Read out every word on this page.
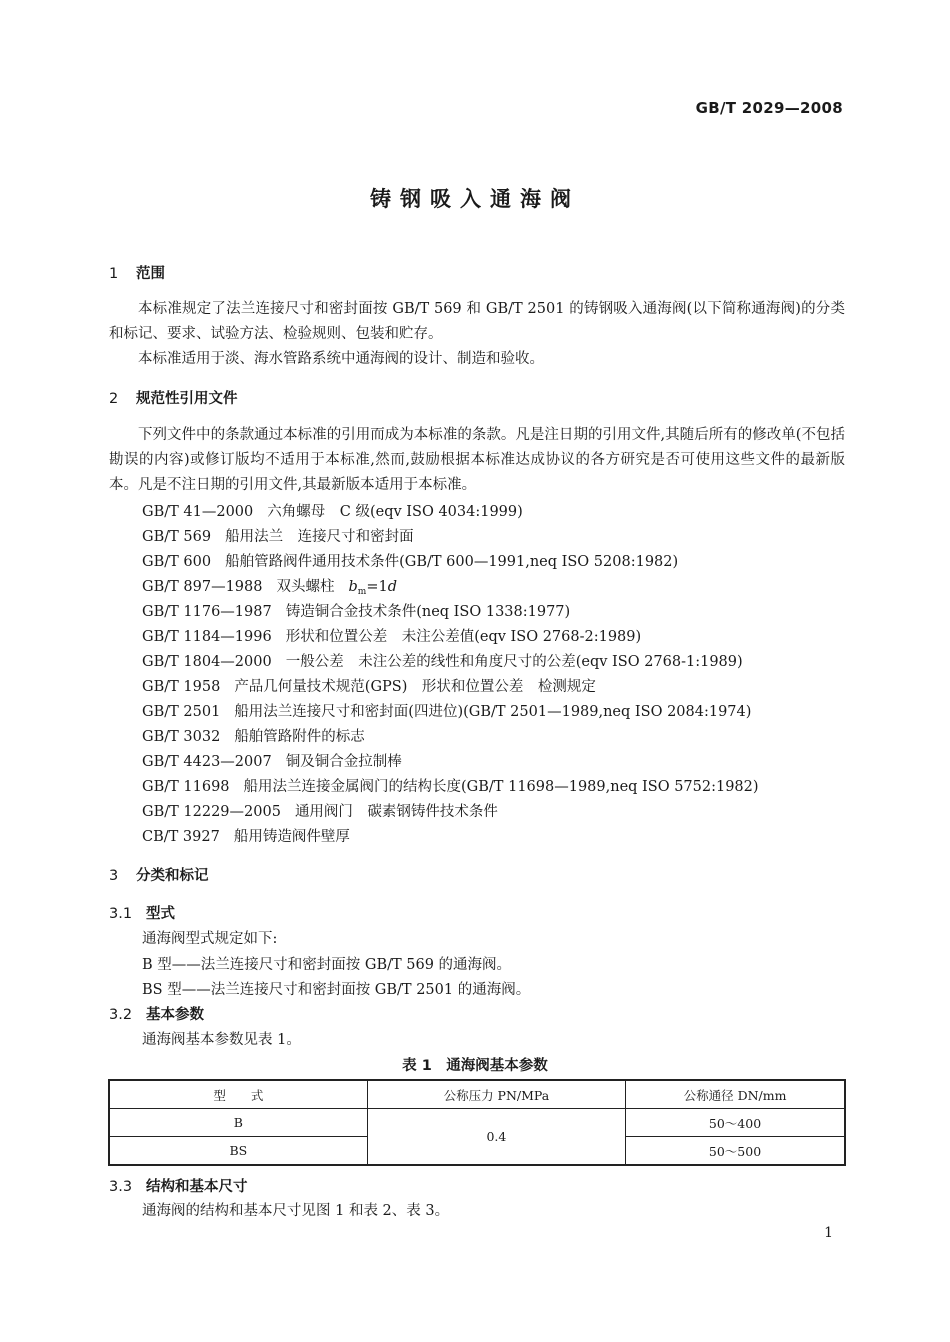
GB/T 2029—2008
铸钢吸入通海阀
1 范围
本标准规定了法兰连接尺寸和密封面按 GB/T 569 和 GB/T 2501 的铸钢吸入通海阀(以下简称通海阀)的分类和标记、要求、试验方法、检验规则、包装和贮存。
本标准适用于淡、海水管路系统中通海阀的设计、制造和验收。
2 规范性引用文件
下列文件中的条款通过本标准的引用而成为本标准的条款。凡是注日期的引用文件,其随后所有的修改单(不包括勘误的内容)或修订版均不适用于本标准,然而,鼓励根据本标准达成协议的各方研究是否可使用这些文件的最新版本。凡是不注日期的引用文件,其最新版本适用于本标准。
GB/T 41—2000 六角螺母　C 级(eqv ISO 4034:1999)
GB/T 569 船用法兰　连接尺寸和密封面
GB/T 600 船舶管路阀件通用技术条件(GB/T 600—1991,neq ISO 5208:1982)
GB/T 897—1988 双头螺柱 $b_m=1d$
GB/T 1176—1987 铸造铜合金技术条件(neq ISO 1338:1977)
GB/T 1184—1996 形状和位置公差　未注公差值(eqv ISO 2768-2:1989)
GB/T 1804—2000 一般公差　未注公差的线性和角度尺寸的公差(eqv ISO 2768-1:1989)
GB/T 1958 产品几何量技术规范(GPS)　形状和位置公差　检测规定
GB/T 2501 船用法兰连接尺寸和密封面(四进位)(GB/T 2501—1989,neq ISO 2084:1974)
GB/T 3032 船舶管路附件的标志
GB/T 4423—2007 铜及铜合金拉制棒
GB/T 11698 船用法兰连接金属阀门的结构长度(GB/T 11698—1989,neq ISO 5752:1982)
GB/T 12229—2005 通用阀门　碳素钢铸件技术条件
CB/T 3927 船用铸造阀件壁厚
3 分类和标记
3.1 型式
通海阀型式规定如下:
B 型——法兰连接尺寸和密封面按 GB/T 569 的通海阀。
BS 型——法兰连接尺寸和密封面按 GB/T 2501 的通海阀。
3.2 基本参数
通海阀基本参数见表 1。
表 1　通海阀基本参数
型　　式	公称压力 PN/MPa	公称通径 DN/mm
B	0.4	50～400
BS		50～500
3.3 结构和基本尺寸
通海阀的结构和基本尺寸见图 1 和表 2、表 3。
1
